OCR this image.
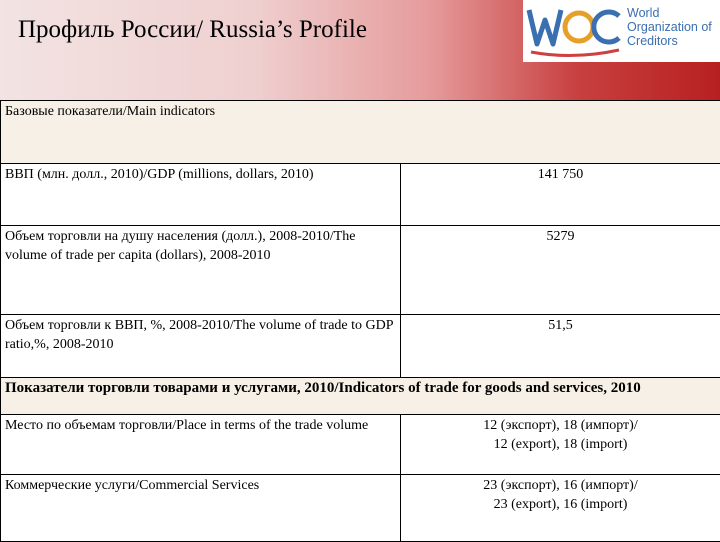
Профиль России/ Russia’s Profile
World
Organization of
Creditors
Базовые показатели/Main indicators	
ВВП (млн. долл., 2010)/GDP (millions, dollars, 2010)	141 750
Объем торговли на душу населения (долл.), 2008-2010/The volume of trade per capita (dollars), 2008-2010	5279
Объем торговли к ВВП, %, 2008-2010/The volume of trade to GDP ratio,%, 2008-2010	51,5
Показатели торговли товарами и услугами, 2010/Indicators of trade for goods and services, 2010	
Место по объемам торговли/Place in terms of the trade volume	12 (экспорт), 18 (импорт)/
12 (export), 18 (import)

Коммерческие услуги/Commercial Services	23 (экспорт), 16 (импорт)/
23 (export), 16 (import)
